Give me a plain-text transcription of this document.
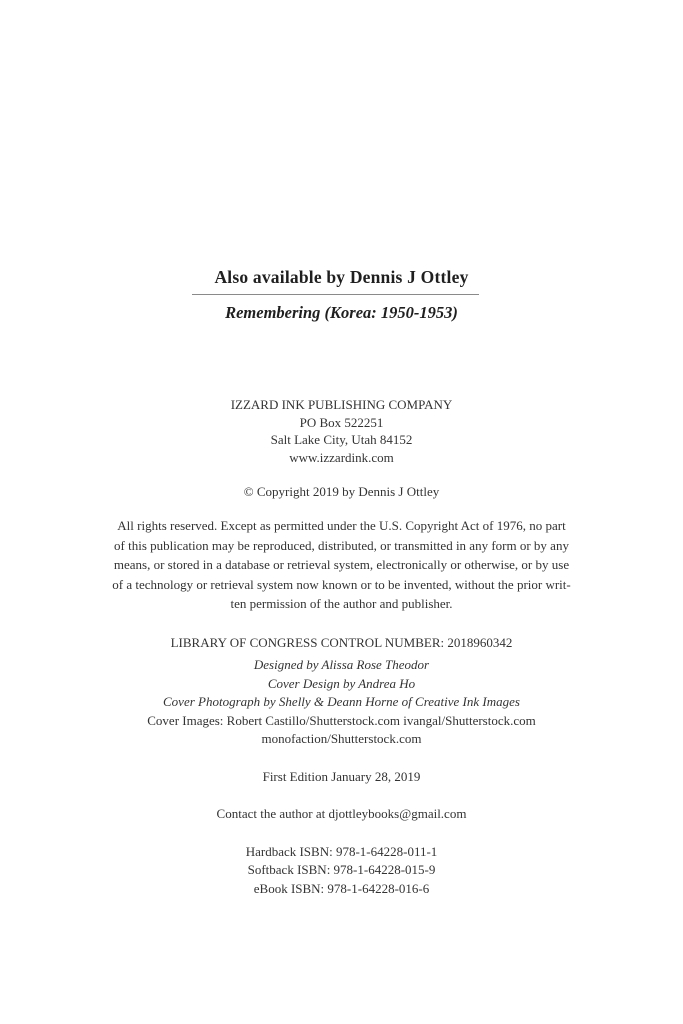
Also available by Dennis J Ottley
Remembering (Korea: 1950-1953)
IZZARD INK PUBLISHING COMPANY
PO Box 522251
Salt Lake City, Utah 84152
www.izzardink.com
© Copyright 2019 by Dennis J Ottley
All rights reserved. Except as permitted under the U.S. Copyright Act of 1976, no part
of this publication may be reproduced, distributed, or transmitted in any form or by any
means, or stored in a database or retrieval system, electronically or otherwise, or by use
of a technology or retrieval system now known or to be invented, without the prior writ-
ten permission of the author and publisher.
LIBRARY OF CONGRESS CONTROL NUMBER: 2018960342
Designed by Alissa Rose Theodor
Cover Design by Andrea Ho
Cover Photograph by Shelly & Deann Horne of Creative Ink Images
Cover Images: Robert Castillo/Shutterstock.com ivangal/Shutterstock.com
monofaction/Shutterstock.com
First Edition January 28, 2019
Contact the author at djottleybooks@gmail.com
Hardback ISBN: 978-1-64228-011-1
Softback ISBN: 978-1-64228-015-9
eBook ISBN: 978-1-64228-016-6
